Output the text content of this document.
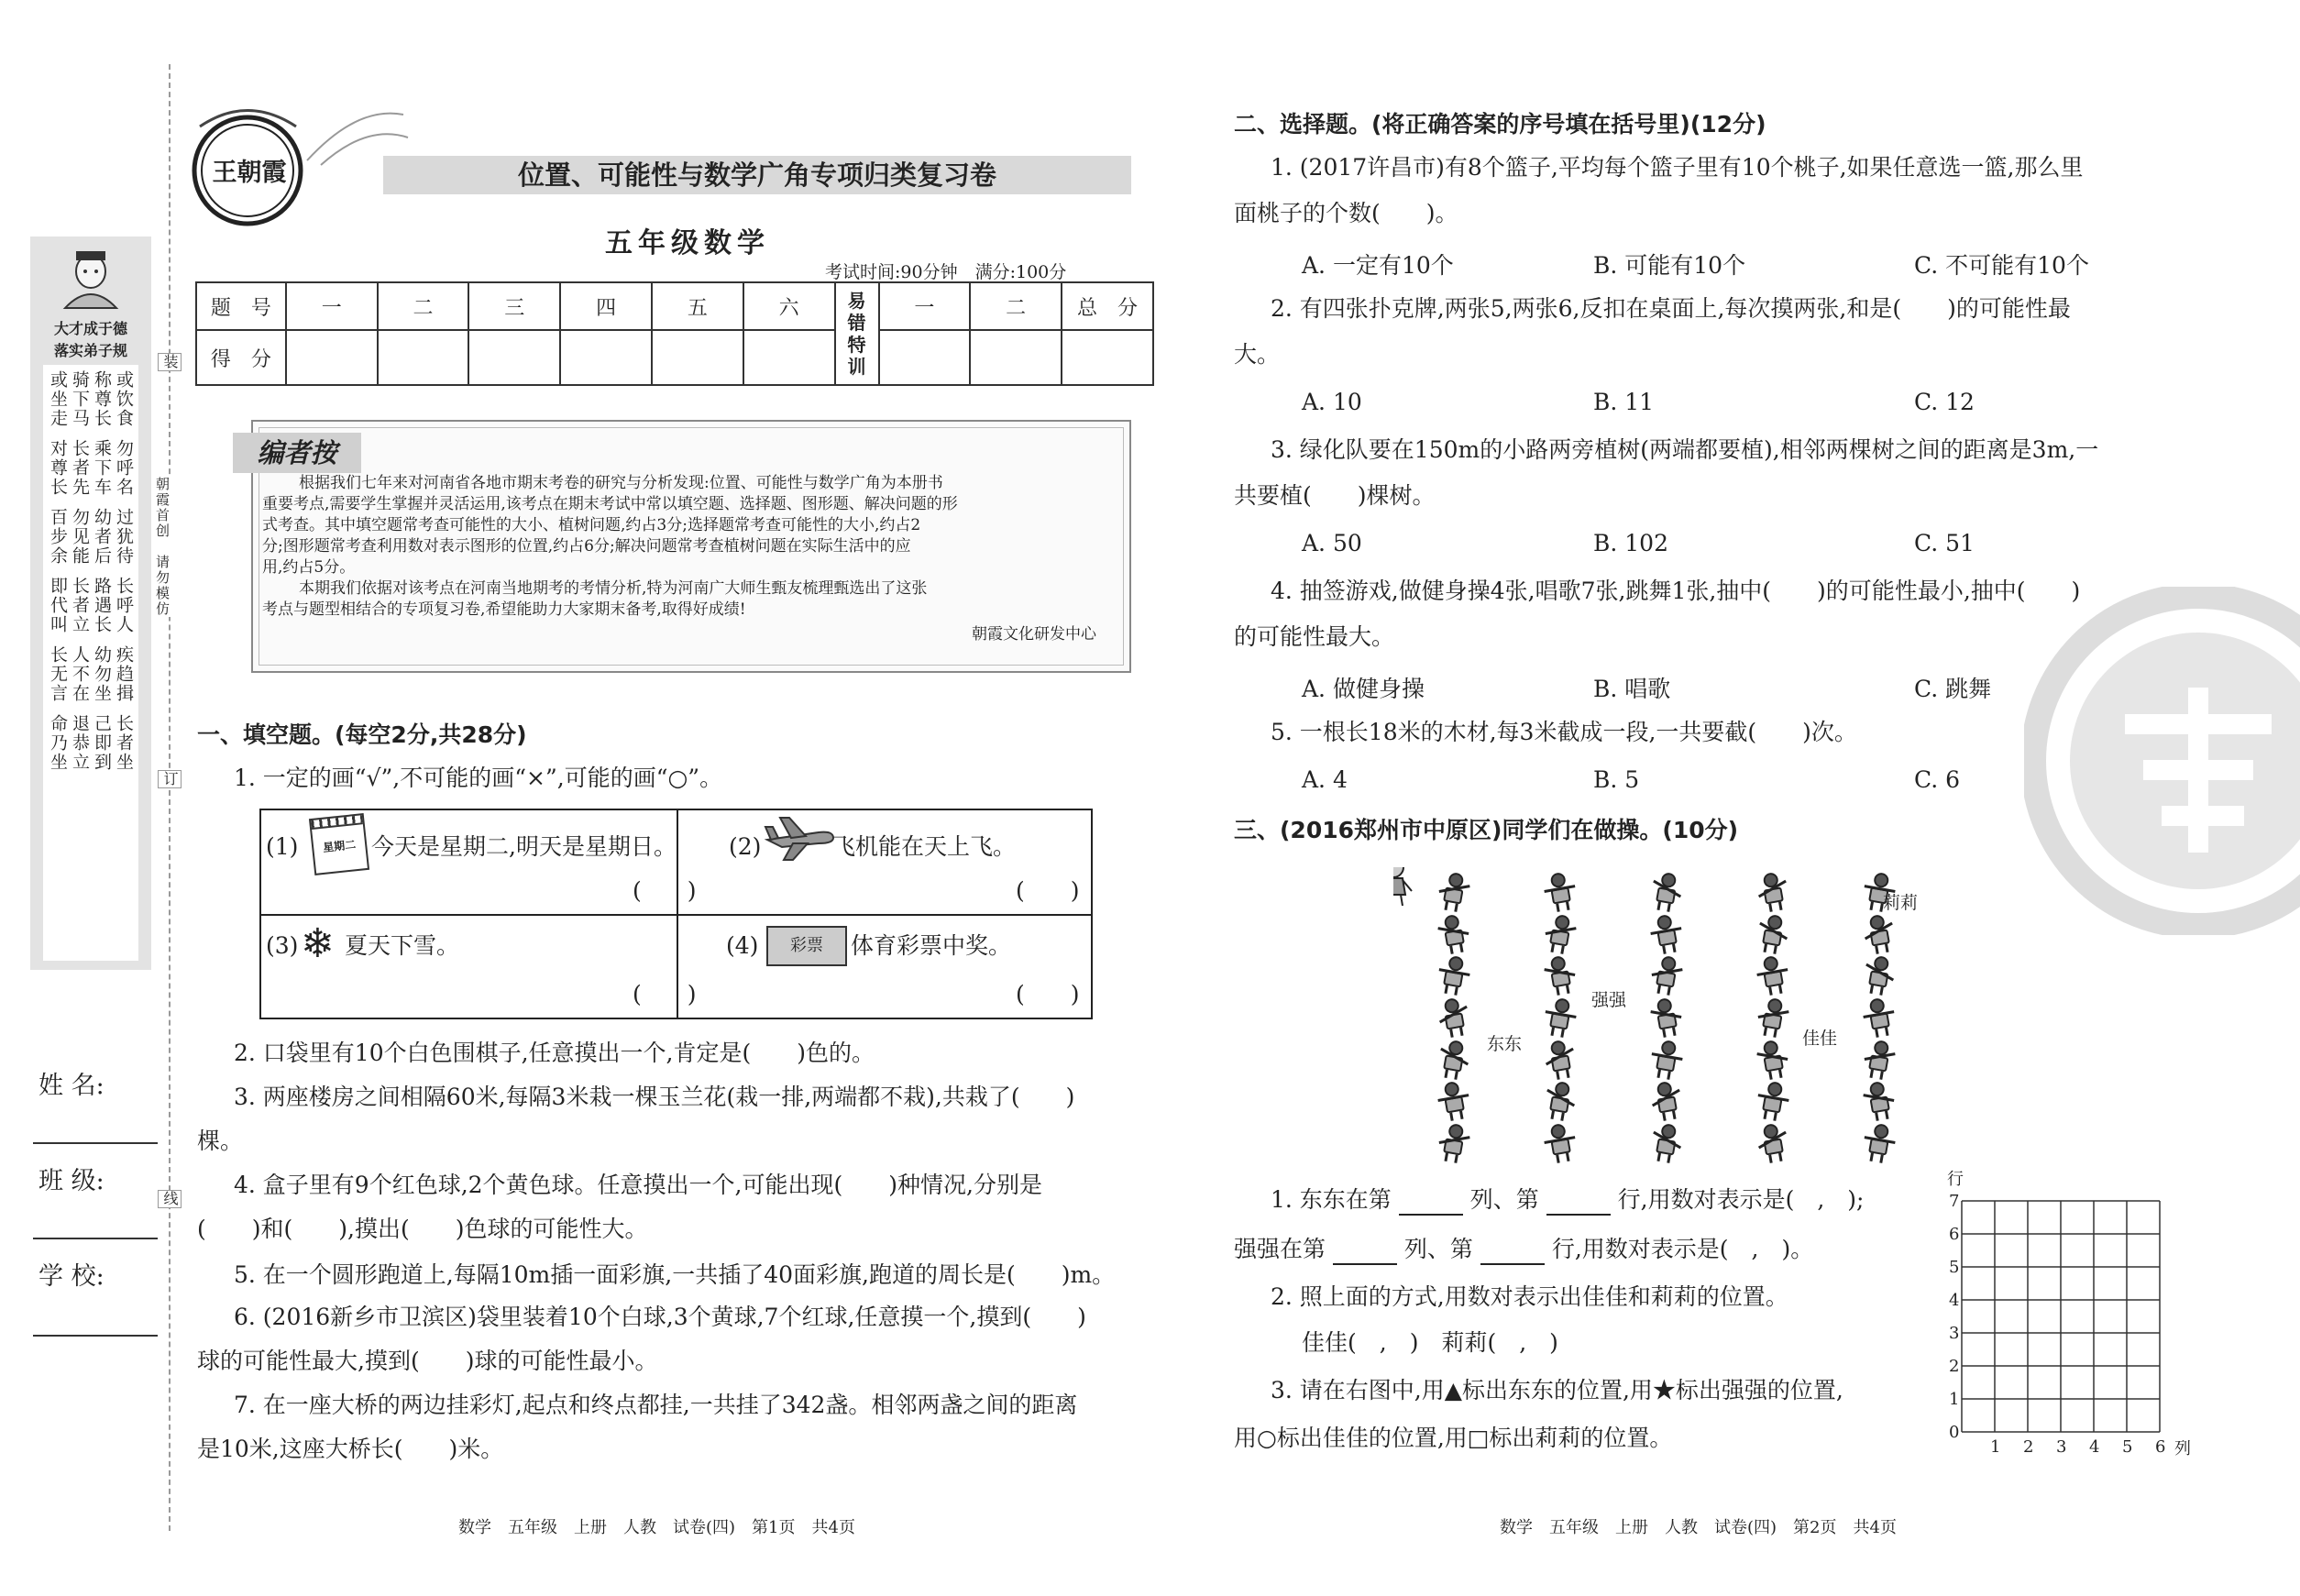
大才成于德
落实弟子规
或饮食
称尊长
骑下马
或坐走
勿呼名
乘下车
长者先
对尊长
过犹待
幼者后
勿见能
百步余
长呼人
路遇长
长者立
即代叫
疾趋揖
幼勿坐
人不在
长无言
长者坐
己即到
退恭立
命乃坐
姓 名:
班 级:
学 校:
装
朝霞首创　请勿模仿
订
线
王朝霞	位置、可能性与数学广角专项归类复习卷
五年级数学
考试时间:90分钟　满分:100分
题　号	一	二	三	四	五	六	易错特训	一	二	总　分
得　分										
编者按
根据我们七年来对河南省各地市期末考卷的研究与分析发现:位置、可能性与数学广角为本册书
重要考点,需要学生掌握并灵活运用,该考点在期末考试中常以填空题、选择题、图形题、解决问题的形
式考查。其中填空题常考查可能性的大小、植树问题,约占3分;选择题常考查可能性的大小,约占2
分;图形题常考查利用数对表示图形的位置,约占6分;解决问题常考查植树问题在实际生活中的应
用,约占5分。
本期我们依据对该考点在河南当地期考的考情分析,特为河南广大师生甄友梳理甄选出了这张
考点与题型相结合的专项复习卷,希望能助力大家期末备考,取得好成绩!
朝霞文化研发中心
一、填空题。(每空2分,共28分)
1. 一定的画“√”,不可能的画“×”,可能的画“○”。
(1)	星期二 今天是星期二,明天是星期日。
(　　)
(2)	飞机能在天上飞。
(　　)
(3) ❄ 夏天下雪。
(　　)
(4)	彩票	体育彩票中奖。
(　　)
2. 口袋里有10个白色围棋子,任意摸出一个,肯定是(　　)色的。
3. 两座楼房之间相隔60米,每隔3米栽一棵玉兰花(栽一排,两端都不栽),共栽了(　　)
棵。
4. 盒子里有9个红色球,2个黄色球。任意摸出一个,可能出现(　　)种情况,分别是
(　　)和(　　),摸出(　　)色球的可能性大。
5. 在一个圆形跑道上,每隔10m插一面彩旗,一共插了40面彩旗,跑道的周长是(　　)m。
6. (2016新乡市卫滨区)袋里装着10个白球,3个黄球,7个红球,任意摸一个,摸到(　　)
球的可能性最大,摸到(　　)球的可能性最小。
7. 在一座大桥的两边挂彩灯,起点和终点都挂,一共挂了342盏。相邻两盏之间的距离
是10米,这座大桥长(　　)米。
数学　五年级　上册　人教　试卷(四)　第1页　共4页
二、选择题。(将正确答案的序号填在括号里)(12分)
1. (2017许昌市)有8个篮子,平均每个篮子里有10个桃子,如果任意选一篮,那么里
面桃子的个数(　　)。
A. 一定有10个	B. 可能有10个	C. 不可能有10个
2. 有四张扑克牌,两张5,两张6,反扣在桌面上,每次摸两张,和是(　　)的可能性最
大。
A. 10	B. 11	C. 12
3. 绿化队要在150m的小路两旁植树(两端都要植),相邻两棵树之间的距离是3m,一
共要植(　　)棵树。
A. 50	B. 102	C. 51
4. 抽签游戏,做健身操4张,唱歌7张,跳舞1张,抽中(　　)的可能性最小,抽中(　　)
的可能性最大。
A. 做健身操	B. 唱歌	C. 跳舞
5. 一根长18米的木材,每3米截成一段,一共要截(　　)次。
A. 4	B. 5	C. 6
三、(2016郑州市中原区)同学们在做操。(10分)
莉莉
强强
东东	佳佳
1. 东东在第	列、第	行,用数对表示是(　,　);
强强在第	列、第	行,用数对表示是(　,　)。
2. 照上面的方式,用数对表示出佳佳和莉莉的位置。
佳佳(　,　)　莉莉(　,　)
3. 请在右图中,用▲标出东东的位置,用★标出强强的位置,
用○标出佳佳的位置,用□标出莉莉的位置。
行
7
6
5
4
3
2
1
0
1 2 3 4 5 6 列
数学　五年级　上册　人教　试卷(四)　第2页　共4页
